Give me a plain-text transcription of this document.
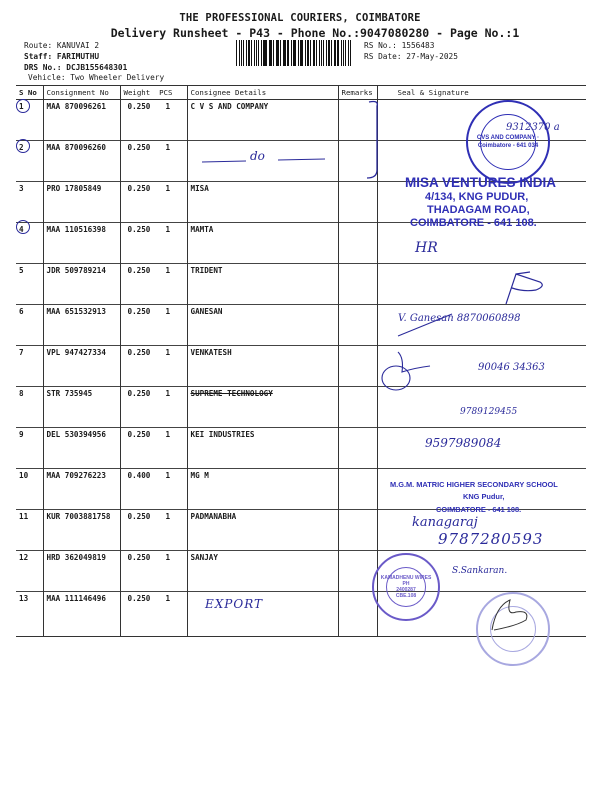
THE PROFESSIONAL COURIERS, COIMBATORE
Delivery Runsheet - P43 - Phone No.:9047080280 - Page No.:1
Route: KANUVAI 2
Staff: FARIMUTHU
DRS No.: DCJB155648301
Vehicle: Two Wheeler Delivery
RS No.: 1556483
RS Date: 27-May-2025
S No	Consignment No	Weight PCS	Consignee Details	Remarks	Seal & Signature
1	MAA 870096261	0.250 1	C V S AND COMPANY		
2	MAA 870096260	0.250 1			
3	PRO 17805849	0.250 1	MISA		
4	MAA 110516398	0.250 1	MAMTA		
5	JDR 509789214	0.250 1	TRIDENT		
6	MAA 651532913	0.250 1	GANESAN		
7	VPL 947427334	0.250 1	VENKATESH		
8	STR 735945	0.250 1	SUPREME TECHNOLOGY		
9	DEL 530394956	0.250 1	KEI INDUSTRIES		
10	MAA 709276223	0.400 1	MG M		
11	KUR 7003881758	0.250 1	PADMANABHA		
12	HRD 362049819	0.250 1	SANJAY		
13	MAA 111146496	0.250 1			
do
EXPORT
CVS AND COMPANY · Coimbatore - 641 034
9312370 a
MISA VENTURES INDIA
4/134, KNG PUDUR,
THADAGAM ROAD,
COIMBATORE - 641 108.
HR
V. Ganesan 8870060898
90046 34363
9789129455
9597989084
M.G.M. MATRIC HIGHER SECONDARY SCHOOL
KNG Pudur,
COIMBATORE - 641 108.
kanagaraj
9787280593
KAMADHENU WIRES
PH
2400287
CBE.108
S.Sankaran.
